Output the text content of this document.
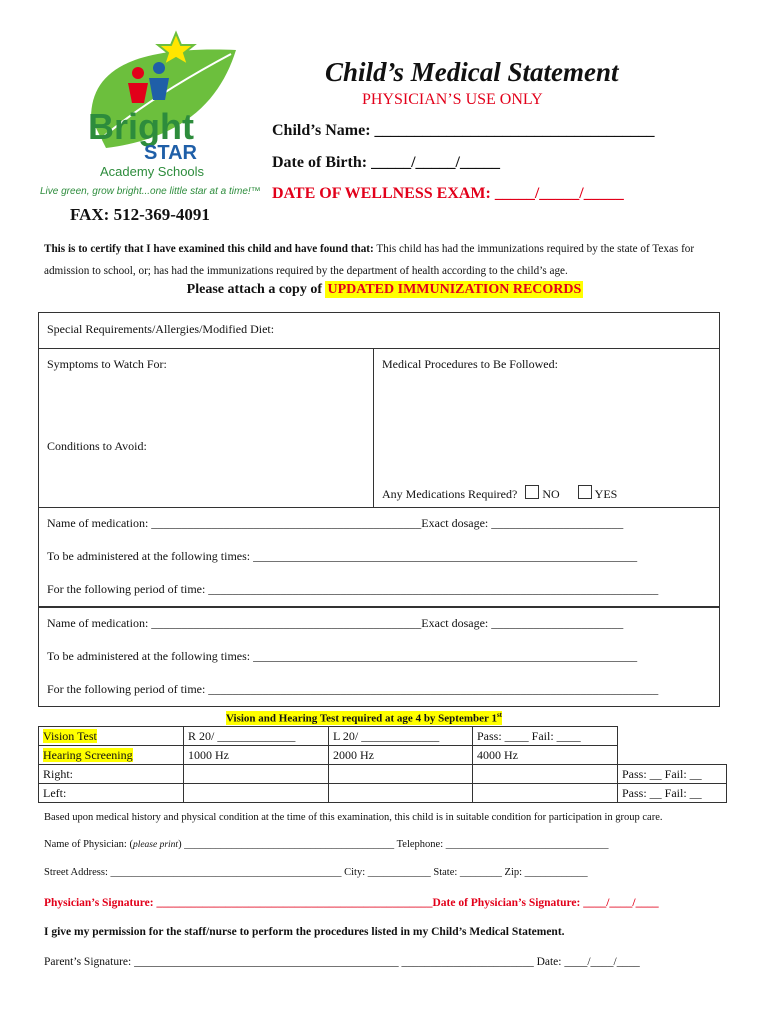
Bright
STAR
Academy Schools
Live green, grow bright...one little star at a time!™
FAX: 512-369-4091
Child’s Medical Statement
PHYSICIAN’S USE ONLY
Child’s Name: ___________________________________
Date of Birth: _____/_____/_____
DATE OF WELLNESS EXAM: _____/_____/_____
This is to certify that I have examined this child and have found that: This child has had the immunizations required by the state of Texas for admission to school, or; has had the immunizations required by the department of health according to the child’s age.
Please attach a copy of UPDATED IMMUNIZATION RECORDS
Special Requirements/Allergies/Modified Diet:
Symptoms to Watch For:
Conditions to Avoid:
Medical Procedures to Be Followed:
Any Medications Required? NO	YES
Name of medication: _____________________________________________Exact dosage: ______________________
To be administered at the following times: ________________________________________________________________
For the following period of time: ___________________________________________________________________________
Name of medication: _____________________________________________Exact dosage: ______________________
To be administered at the following times: ________________________________________________________________
For the following period of time: ___________________________________________________________________________
Vision and Hearing Test required at age 4 by September 1st
Vision Test	R 20/ _____________	L 20/ _____________	Pass: ____ Fail: ____	
Hearing Screening	1000 Hz	2000 Hz	4000 Hz	
Right:				Pass: __ Fail: __
Left:				Pass: __ Fail: __
Based upon medical history and physical condition at the time of this examination, this child is in suitable condition for participation in group care.
Name of Physician: (please print) ________________________________________ Telephone: _______________________________
Street Address: ____________________________________________ City: ____________ State: ________ Zip: ____________
Physician’s Signature: ________________________________________________Date of Physician’s Signature: ____/____/____
I give my permission for the staff/nurse to perform the procedures listed in my Child’s Medical Statement.
Parent’s Signature: ______________________________________________ _______________________ Date: ____/____/____
